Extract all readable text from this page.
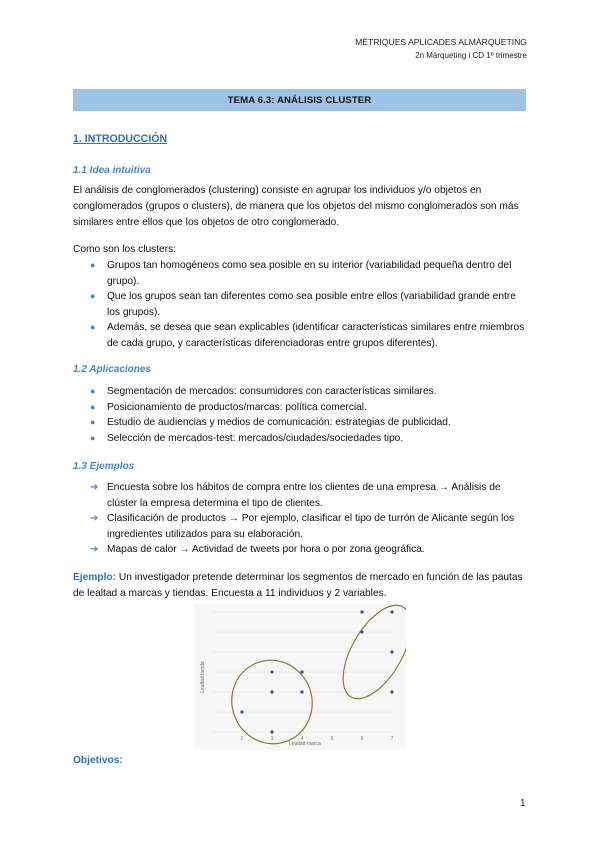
MÈTRIQUES APLICADES ALMÀRQUETING
2n Màrqueting i CD 1º trimestre
TEMA 6.3: ANÁLISIS CLUSTER
1. INTRODUCCIÓN
1.1 Idea intuitiva
El análisis de conglomerados (clustering) consiste en agrupar los individuos y/o objetos en conglomerados (grupos o clusters), de manera que los objetos del mismo conglomerados son más similares entre ellos que los objetos de otro conglomerado.
Como son los clusters:
● Grupos tan homogéneos como sea posible en su interior (variabilidad pequeña dentro del grupo).
● Que los grupos sean tan diferentes como sea posible entre ellos (variabilidad grande entre los grupos).
● Además, se desea que sean explicables (identificar características similares entre miembros de cada grupo, y características diferenciadoras entre grupos diferentes).
1.2 Aplicaciones
● Segmentación de mercados: consumidores con características similares.
● Posicionamiento de productos/marcas: política comercial.
● Estudio de audiencias y medios de comunicación: estrategias de publicidad.
● Selección de mercados-test: mercados/ciudades/sociedades tipo.
1.3 Ejemplos
➔ Encuesta sobre los hábitos de compra entre los clientes de una empresa → Análisis de clúster la empresa determina el tipo de clientes.
➔ Clasificación de productos → Por ejemplo, clasificar el tipo de turrón de Alicante según los ingredientes utilizados para su elaboración.
➔ Mapas de calor → Actividad de tweets por hora o por zona geográfica.
Ejemplo: Un investigador pretende determinar los segmentos de mercado en función de las pautas de lealtad a marcas y tiendas. Encuesta a 11 individuos y 2 variables.
2	3	4	5	6	7
Lealtad marca
Lealtad tienda
Objetivos:
1
